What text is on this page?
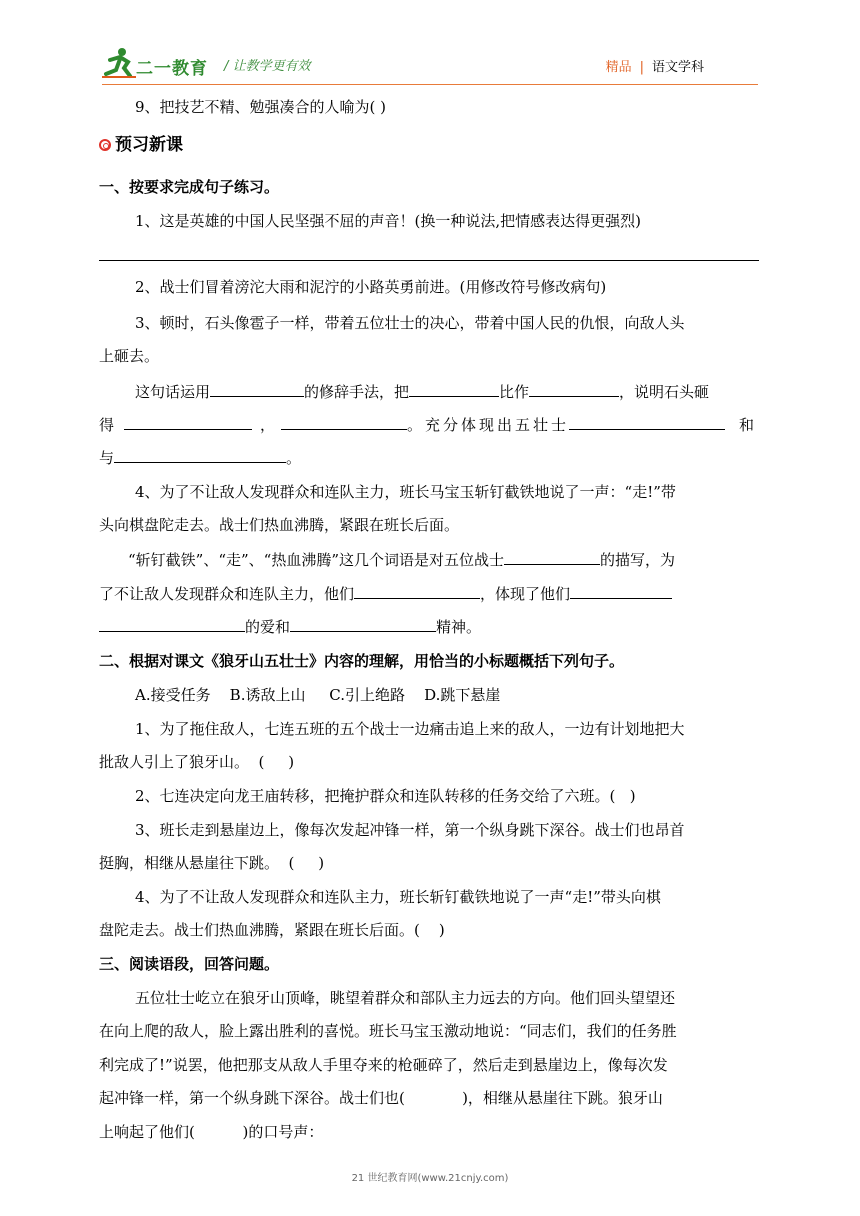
二一教育 / 让教学更有效	精品 | 语文学科
9、把技艺不精、勉强凑合的人喻为( )
预习新课
一、按要求完成句子练习。
1、这是英雄的中国人民坚强不屈的声音！(换一种说法,把情感表达得更强烈)
2、战士们冒着滂沱大雨和泥泞的小路英勇前进。(用修改符号修改病句)
3、顿时，石头像雹子一样，带着五位壮士的决心，带着中国人民的仇恨，向敌人头
上砸去。
这句话运用	的修辞手法，把	比作	，说明石头砸
得	，	。充分体现出五壮士	和
与	。
4、为了不让敌人发现群众和连队主力，班长马宝玉斩钉截铁地说了一声：“走!”带
头向棋盘陀走去。战士们热血沸腾，紧跟在班长后面。
“斩钉截铁”、“走”、“热血沸腾”这几个词语是对五位战士	的描写，为
了不让敌人发现群众和连队主力，他们	，体现了他们
的爱和	精神。
二、根据对课文《狼牙山五壮士》内容的理解，用恰当的小标题概括下列句子。
A.接受任务    B.诱敌上山     C.引上绝路    D.跳下悬崖
1、为了拖住敌人，七连五班的五个战士一边痛击追上来的敌人，一边有计划地把大
批敌人引上了狼牙山。  (     )
2、七连决定向龙王庙转移，把掩护群众和连队转移的任务交给了六班。(   )
3、班长走到悬崖边上，像每次发起冲锋一样，第一个纵身跳下深谷。战士们也昂首
挺胸，相继从悬崖往下跳。  (     )
4、为了不让敌人发现群众和连队主力，班长斩钉截铁地说了一声“走!”带头向棋
盘陀走去。战士们热血沸腾，紧跟在班长后面。(    )
三、阅读语段，回答问题。
五位壮士屹立在狼牙山顶峰，眺望着群众和部队主力远去的方向。他们回头望望还
在向上爬的敌人，脸上露出胜利的喜悦。班长马宝玉激动地说：“同志们，我们的任务胜
利完成了!”说罢，他把那支从敌人手里夺来的枪砸碎了，然后走到悬崖边上，像每次发
起冲锋一样，第一个纵身跳下深谷。战士们也(            )，相继从悬崖往下跳。狼牙山
上响起了他们(          )的口号声：
21 世纪教育网(www.21cnjy.com)
